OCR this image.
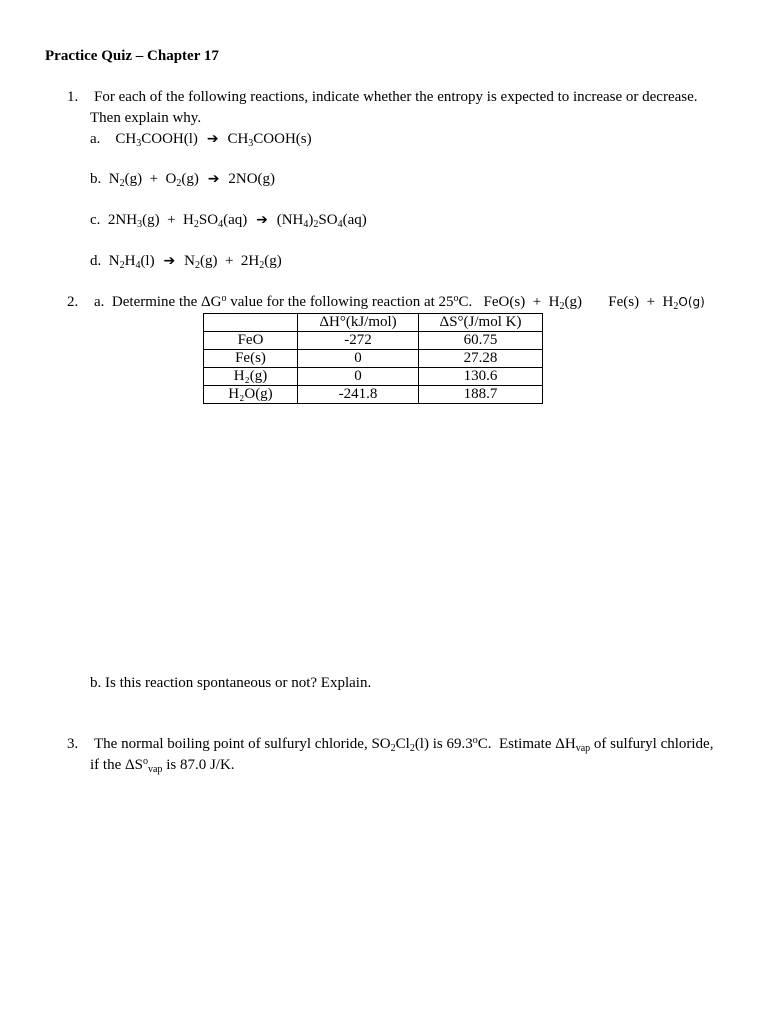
Practice Quiz – Chapter 17
1. For each of the following reactions, indicate whether the entropy is expected to increase or decrease.
Then explain why.
a. $CH_3COOH(l)$ ➔ $CH_3COOH(s)$
b. $N_2(g) + O_2(g)$ ➔ 2NO(g)
c. $2NH_3(g) + H_2SO_4(aq)$ ➔ $(NH_4)_2SO_4(aq)$
d. $N_2H_4(l)$ ➔ $N_2(g) + 2H_2(g)$
2. a.  Determine the $\Delta G^o$ value for the following reaction at 25$^o$C.   $FeO(s) + H_2(g)$       $Fe(s) + H_2O(g)$
	ΔH°(kJ/mol)	ΔS°(J/mol K)
FeO	-272	60.75
Fe(s)	0	27.28
H₂(g)	0	130.6
H₂O(g)	-241.8	188.7
b. Is this reaction spontaneous or not? Explain.
3. The normal boiling point of sulfuryl chloride, $SO_2Cl_2(l)$ is 69.3$^o$C.  Estimate $\Delta H_{vap}$ of sulfuryl chloride,
if the $\Delta S^o_{vap}$ is 87.0 J/K.
